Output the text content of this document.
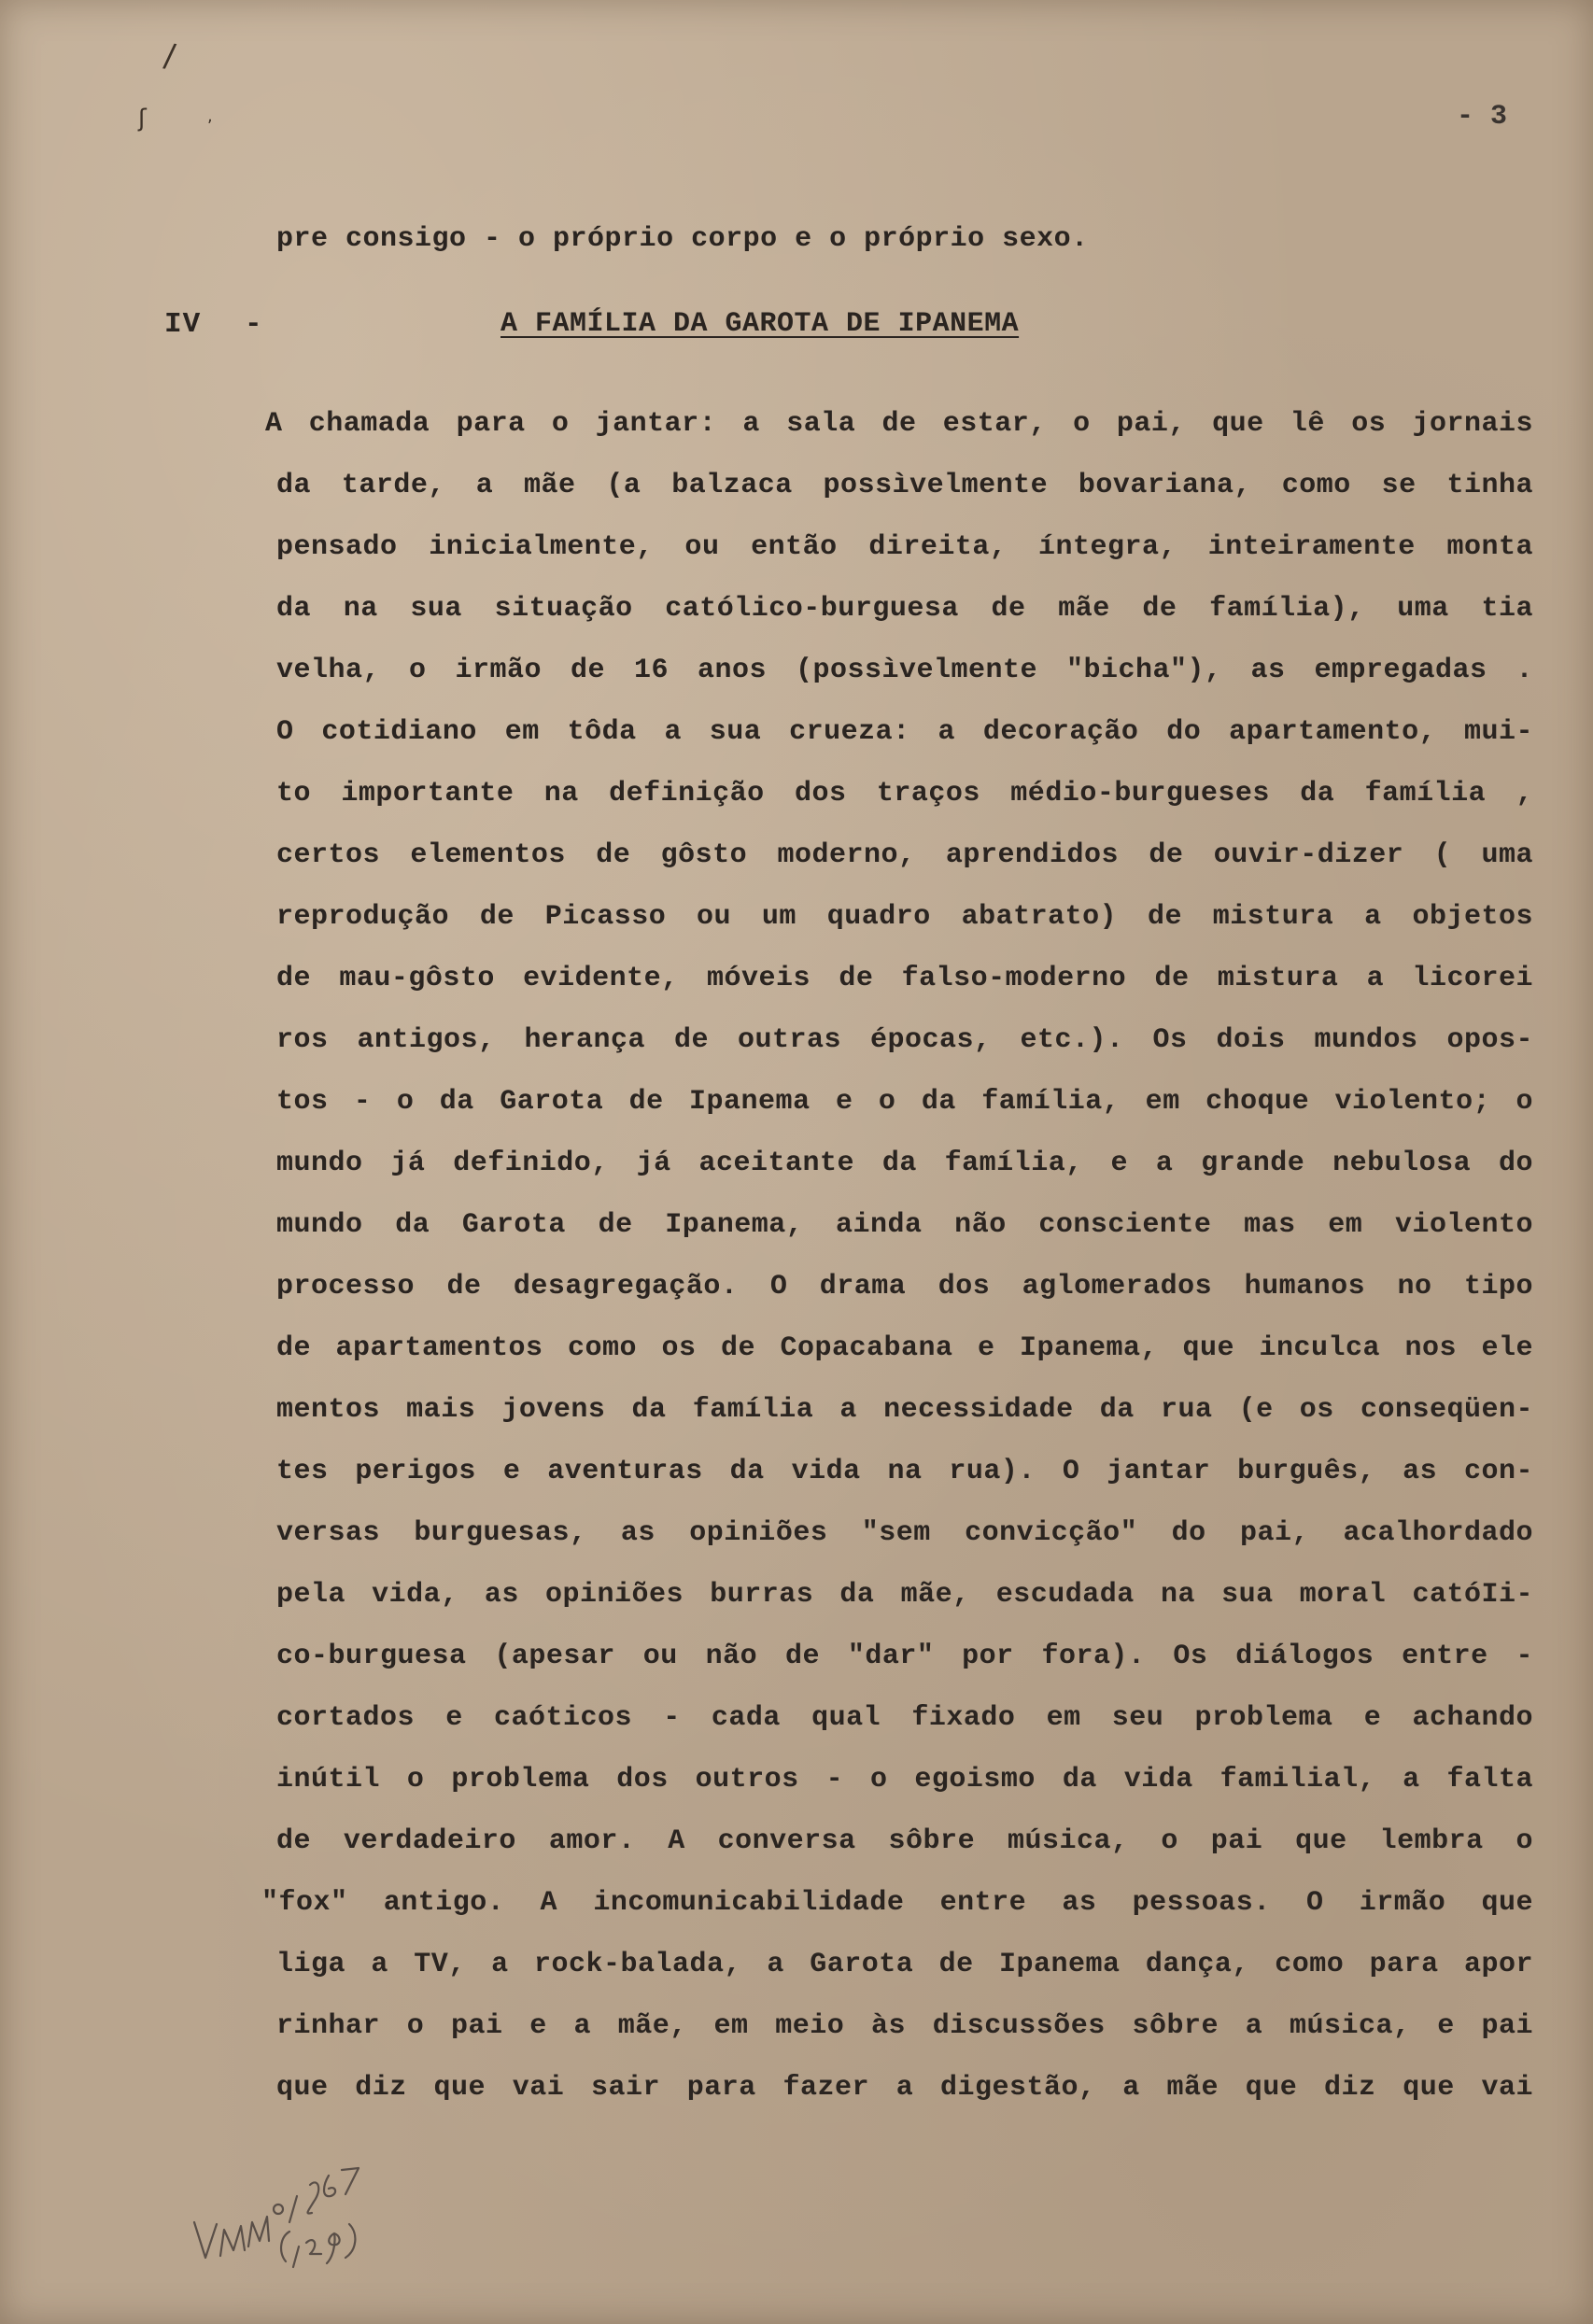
- 3
pre consigo - o próprio corpo e o próprio sexo.
IV -	A FAMÍLIA DA GAROTA DE IPANEMA
A chamada para o jantar: a sala de estar, o pai, que lê os jornais
da tarde, a mãe (a balzaca possìvelmente bovariana, como se tinha
pensado inicialmente, ou então direita, íntegra, inteiramente monta
da na sua situação católico-burguesa de mãe de família), uma tia
velha, o irmão de 16 anos (possìvelmente "bicha"), as empregadas .
O cotidiano em tôda a sua crueza: a decoração do apartamento, mui-
to importante na definição dos traços médio-burgueses da família ,
certos elementos de gôsto moderno, aprendidos de ouvir-dizer ( uma
reprodução de Picasso ou um quadro abatrato) de mistura a objetos
de mau-gôsto evidente, móveis de falso-moderno de mistura a licorei
ros antigos, herança de outras épocas, etc.). Os dois mundos opos-
tos - o da Garota de Ipanema e o da família, em choque violento; o
mundo já definido, já aceitante da família, e a grande nebulosa do
mundo da Garota de Ipanema, ainda não consciente mas em violento
processo de desagregação. O drama dos aglomerados humanos no tipo
de apartamentos como os de Copacabana e Ipanema, que inculca nos ele
mentos mais jovens da família a necessidade da rua (e os conseqüen-
tes perigos e aventuras da vida na rua). O jantar burguês, as con-
versas burguesas, as opiniões "sem convicção" do pai, acalhordado
pela vida, as opiniões burras da mãe, escudada na sua moral catóIi-
co-burguesa (apesar ou não de "dar" por fora). Os diálogos entre -
cortados e caóticos - cada qual fixado em seu problema e achando
inútil o problema dos outros - o egoismo da vida familial, a falta
de verdadeiro amor. A conversa sôbre música, o pai que lembra o
"fox" antigo. A incomunicabilidade entre as pessoas. O irmão que
liga a TV, a rock-balada, a Garota de Ipanema dança, como para apor
rinhar o pai e a mãe, em meio às discussões sôbre a música, e pai
que diz que vai sair para fazer a digestão, a mãe que diz que vai
/
ʃ	,
